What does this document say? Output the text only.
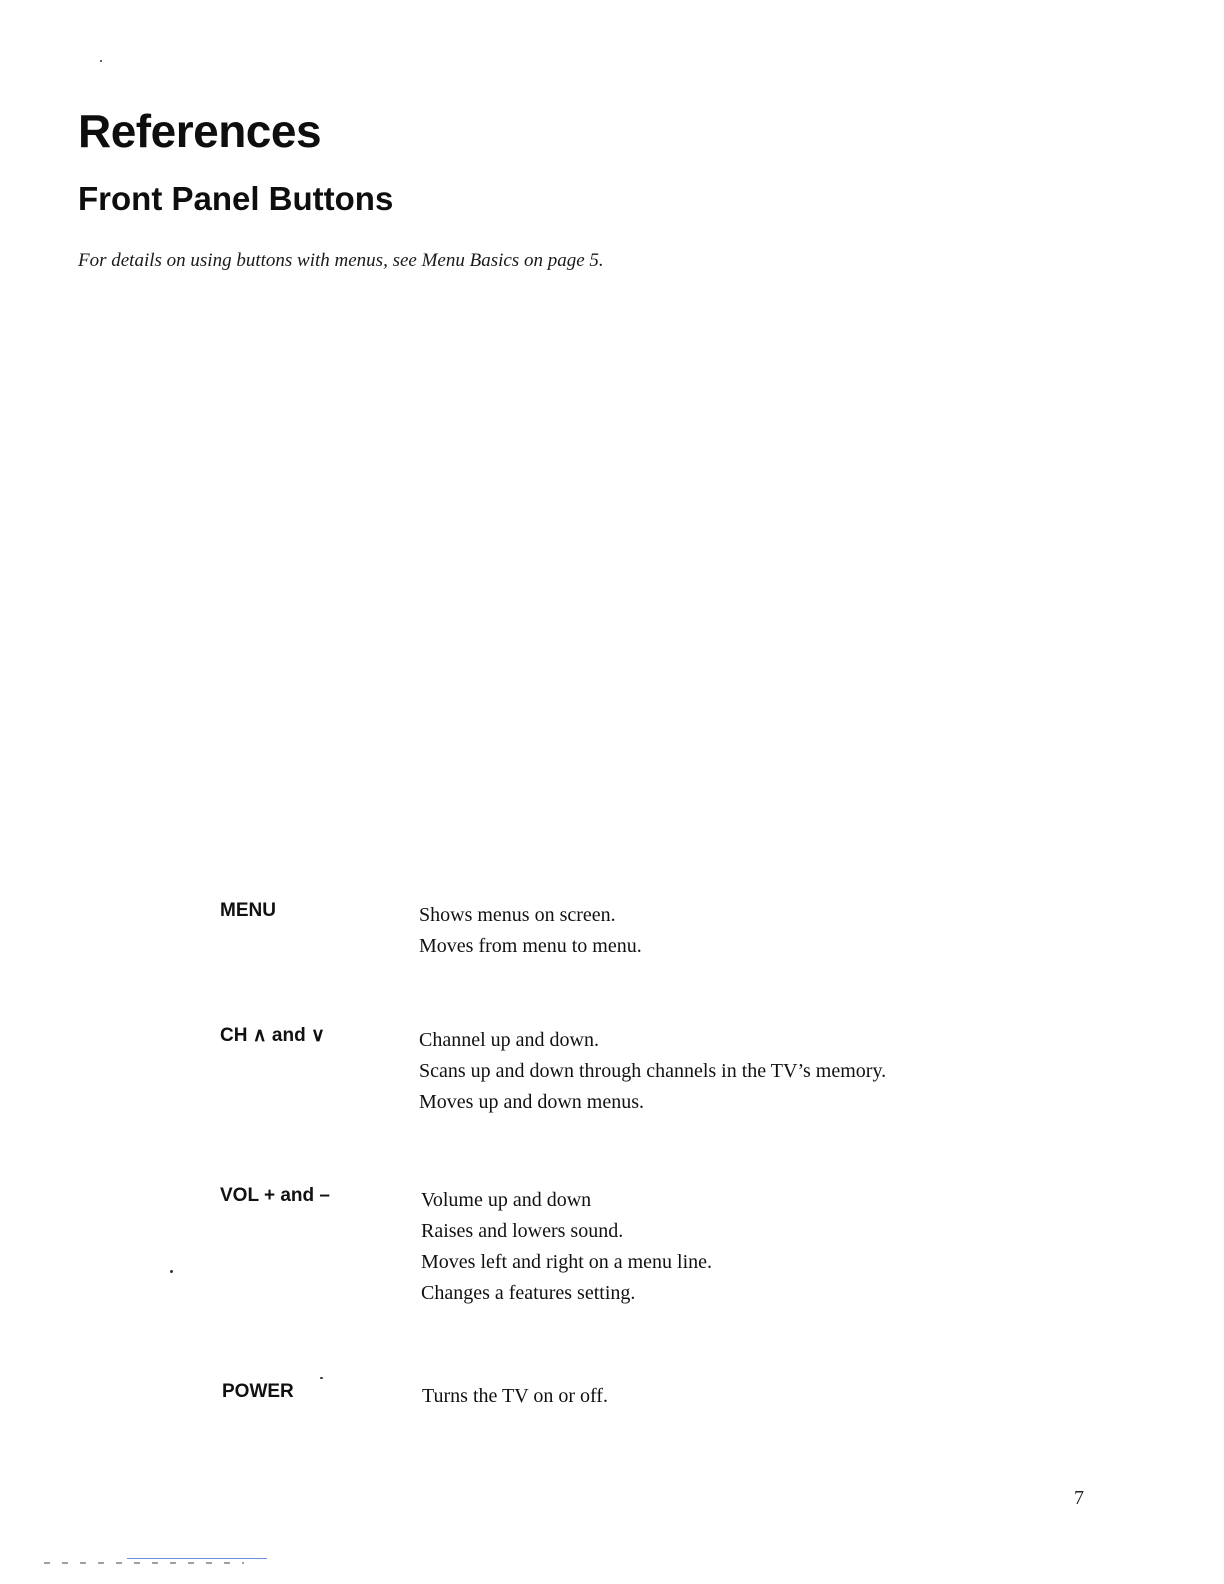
References
Front Panel Buttons

For details on using buttons with menus, see Menu Basics on page 5.

MENU	Shows menus on screen.
Moves from menu to menu.
CH ∧ and ∨	Channel up and down.
Scans up and down through channels in the TV’s memory.
Moves up and down menus.
VOL + and –	Volume up and down
Raises and lowers sound.
Moves left and right on a menu line.
Changes a features setting.
POWER	Turns the TV on or off.
7
